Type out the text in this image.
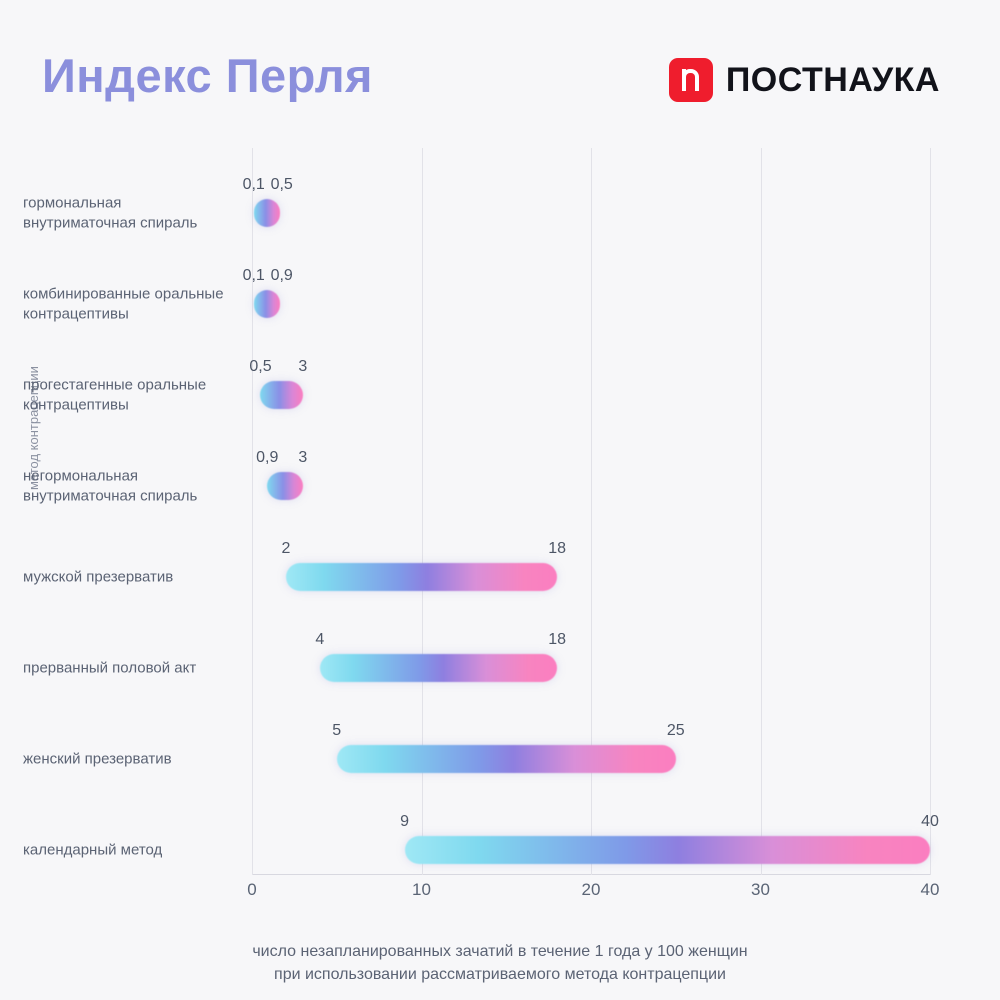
Индекс Перля	ПОСТНАУКА
метод контрацепции
гормональная внутриматочная спираль
комбинированные оральные контрацептивы
прогестагенные оральные контрацептивы
негормональная внутриматочная спираль
мужской презерватив
прерванный половой акт
женский презерватив
календарный метод
0	10	20	30	40
0,1 0,5
0,1 0,9
0,5 3
0,9 3
2	18
4	18
5	25
9	40
число незапланированных зачатий в течение 1 года у 100 женщин
при использовании рассматриваемого метода контрацепции
